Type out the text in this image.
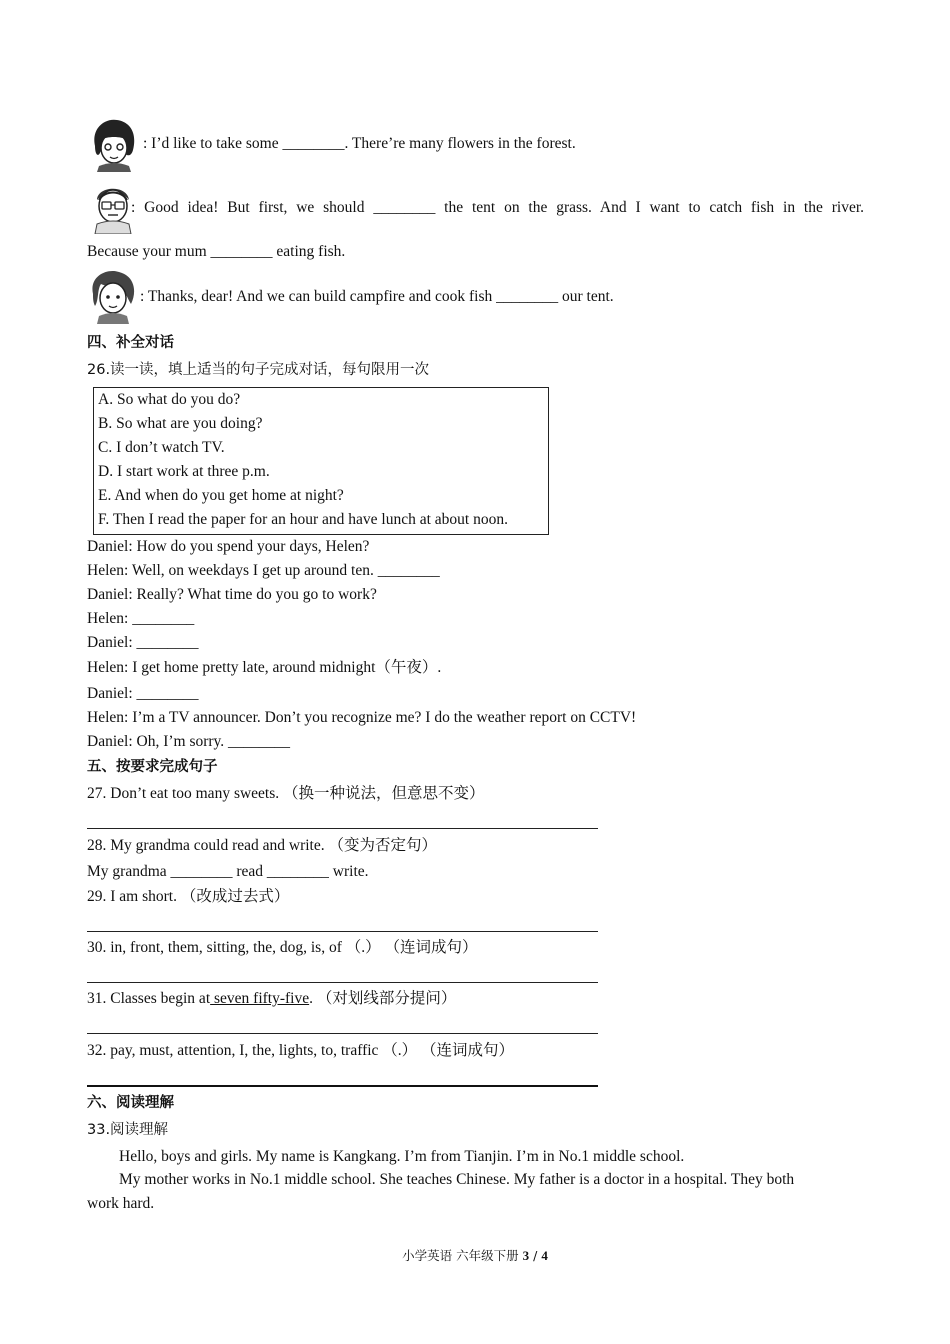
: I’d like to take some ________. There’re many flowers in the forest.
: Good idea! But first, we should ________ the tent on the grass. And I want to catch fish in the river.
Because your mum ________ eating fish.
: Thanks, dear! And we can build campfire and cook fish ________ our tent.
四、补全对话
26.读一读，填上适当的句子完成对话，每句限用一次
A. So what do you do?
B. So what are you doing?
C. I don’t watch TV.
D. I start work at three p.m.
E. And when do you get home at night?
F. Then I read the paper for an hour and have lunch at about noon.
Daniel: How do you spend your days, Helen?
Helen: Well, on weekdays I get up around ten. ________
Daniel: Really? What time do you go to work?
Helen: ________
Daniel: ________
Helen: I get home pretty late, around midnight（午夜）.
Daniel: ________
Helen: I’m a TV announcer. Don’t you recognize me? I do the weather report on CCTV!
Daniel: Oh, I’m sorry. ________
五、按要求完成句子
27. Don’t eat too many sweets. （换一种说法，但意思不变）
28. My grandma could read and write. （变为否定句）
My grandma ________ read ________ write.
29. I am short. （改成过去式）
30. in, front, them, sitting, the, dog, is, of （.） （连词成句）
31. Classes begin at seven fifty-five. （对划线部分提问）
32. pay, must, attention, I, the, lights, to, traffic （.） （连词成句）
六、阅读理解
33.阅读理解
Hello, boys and girls. My name is Kangkang. I’m from Tianjin. I’m in No.1 middle school.
My mother works in No.1 middle school. She teaches Chinese. My father is a doctor in a hospital. They both
work hard.
小学英语 六年级下册 3 / 4
